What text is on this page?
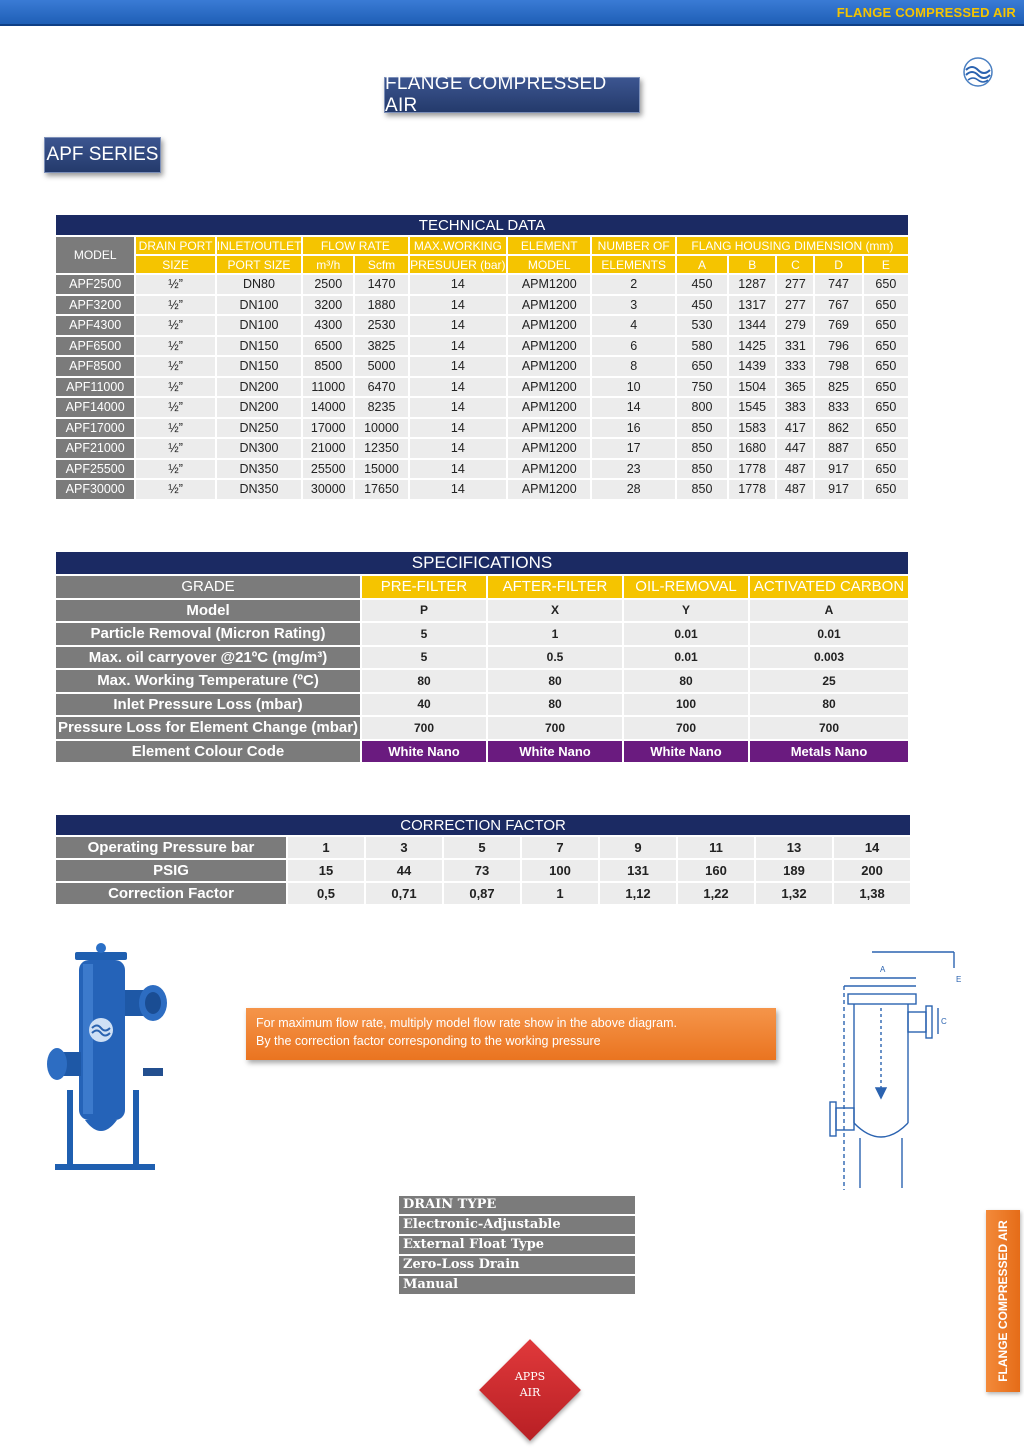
FLANGE COMPRESSED AIR
FLANGE COMPRESSED AIR
APF SERIES
TECHNICAL DATA												
MODEL	DRAIN PORT	INLET/OUTLET	FLOW RATE		MAX.WORKING	ELEMENT	NUMBER OF	FLANG HOUSING DIMENSION (mm)				
	SIZE	PORT SIZE	m³/h	Scfm	PRESUUER (bar)	MODEL	ELEMENTS	A	B	C	D	E
APF2500	½”	DN80	2500	1470	14	APM1200	2	450	1287	277	747	650
APF3200	½”	DN100	3200	1880	14	APM1200	3	450	1317	277	767	650
APF4300	½”	DN100	4300	2530	14	APM1200	4	530	1344	279	769	650
APF6500	½”	DN150	6500	3825	14	APM1200	6	580	1425	331	796	650
APF8500	½”	DN150	8500	5000	14	APM1200	8	650	1439	333	798	650
APF11000	½”	DN200	11000	6470	14	APM1200	10	750	1504	365	825	650
APF14000	½”	DN200	14000	8235	14	APM1200	14	800	1545	383	833	650
APF17000	½”	DN250	17000	10000	14	APM1200	16	850	1583	417	862	650
APF21000	½”	DN300	21000	12350	14	APM1200	17	850	1680	447	887	650
APF25500	½”	DN350	25500	15000	14	APM1200	23	850	1778	487	917	650
APF30000	½”	DN350	30000	17650	14	APM1200	28	850	1778	487	917	650
SPECIFICATIONS				
GRADE	PRE-FILTER	AFTER-FILTER	OIL-REMOVAL	ACTIVATED CARBON
Model	P	X	Y	A
Particle Removal (Micron Rating)	5	1	0.01	0.01
Max. oil carryover @21ºC (mg/m³)	5	0.5	0.01	0.003
Max. Working Temperature (ºC)	80	80	80	25
Inlet Pressure Loss (mbar)	40	80	100	80
Pressure Loss for Element Change (mbar)	700	700	700	700
Element Colour Code	White Nano	White Nano	White Nano	Metals Nano
CORRECTION FACTOR								
Operating Pressure bar	1	3	5	7	9	11	13	14
PSIG	15	44	73	100	131	160	189	200
Correction Factor	0,5	0,71	0,87	1	1,12	1,22	1,32	1,38
For maximum flow rate, multiply model flow rate show in the above diagram.
By the correction factor corresponding to the working pressure
A
C
E
DRAIN TYPE
Electronic-Adjustable
External Float Type
Zero-Loss Drain
Manual
APPS
AIR
FLANGE COMPRESSED AIR
